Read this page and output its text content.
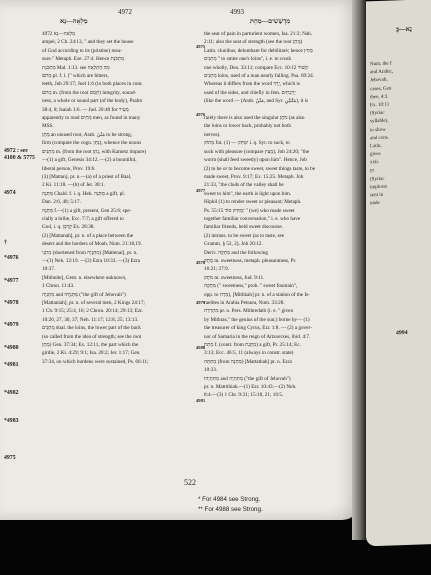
4972	4993
מַלְאָה—נֵא	מִדְשָׁשִׁים—מַחְתּ
4972 : see
4100 & 5775
4974
†
*4976
*4977
*4978
*4979
*4980
*4981
*4982
*4983
4975
4975
4976
4977
4978
4979
4980
4981

מַלְאָה—נֵא 4972

ampel, 2 Ch. 24:13, " and they set the house

of God according to its (pristine) mea-

sure." Metaph. Eze. 27:4. Hence מַתְכֹּנֶת

מַתְכֹּנֶת Mal. 1:13. see מַה הַתְלָאָה

מְתֹם pl. f. l. (" which are bitters,

teeth, Job 29:17; Joel 1:6 (in both places in cont.

מְתֹם m. (from the root תָּמַם) integrity, sound-

ness, a whole or sound part (of the body), Psalm

38:4, 8; Isaiah 1:6. — Jud. 20:48 for מֵעִיר

apparently to read מְתִים men, as found in many

MSS.

מֶתֶן an unused root, Arab. مَتُنَ to be strong,

firm (compare the cogn. נָתַן), whence the nouns

מָתְנַיִם m. (from the root נָתַן, with Kametz impure)

—(1) a gift, Genesis 34:12. —(2) a bountiful,

liberal person, Prov. 19:6.

(3) [Mattan], pr. n.—(a) of a priest of Baal,

2 Ki. 11:18. —(b) of Jer. 38:1.

מַתָּנָה Chald. f. i. q. Heb. מַתָּנָה a gift, pl.

Dan. 2:6, 48; 5:17.

מַתָּנָה f.—(1) a gift, present, Gen 25:6; spe-

cially a bribe, Ecc. 7:7; a gift offered to

God, i. q. קָרְבָּן Ex. 28:38.

(2) [Mattanah], pr. n. of a place between the

desert and the borders of Moab, Num. 21:18,19.

מַתְנַי (shortened from מַתַּנְיָה) [Mattenai], pr. n.

—(1) Neh. 12:19. —(2) Ezra 10:33. —(3) Ezra

10:37.

[Mithnite], Gent. n. elsewhere unknown,

1 Chron. 11:43.

מַתַּנְיָה and מַתַּנְיָהוּ ("the gift of Jehovah")

[Mattaniah], pr. n. of several men, 2 Kings 24:17;

1 Ch. 9:15; 25:4, 16; 2 Chron. 20:14; 29:13; Ezr.

10:26, 27, 30, 37; Neh. 11:17; 12:8, 25; 13:13.

מָתְנַיִם dual. the loins, the lower part of the back

(so called from the idea of strength; see the root

מֶתֶן) Gen. 37:34; Ex. 12:11, the part which the

girdle, 2 Ki. 4:29; 9:1; Isa. 20:2; Jer. 1:17; Gen.

37:34, on which burdens were sustained, Ps. 66:11;

the seat of pain in parturient women, Isa. 21:3; Nah.

2:11; also the seat of strength (see the root מֶתֶן)

Latin. clunibus, delumbare for debilitare; hence מָחַץ

מָתְנַיִם " to smite one's loins", i. e. to crush

one wholly, Deu. 33:11; compare Ecc. 10:12 קְשׁוֹר

מָתְנַיִם loins, used of a man nearly falling. Psa. 69:24.

Whereas it differs from the word יָרֵךְ, which is

used of the sides, and chiefly in fem. יַרְכָתַיִם

(like the word — (Arab. مَتْنٌ, and Syr. مَتْنَيْنِ), it is

rarely there is also used the singular מֹתֶן (as also

the loins or lower back, probably not both

nerves).

מָתוֹק fut. יִמְתַּק — (1) i. q. Syr. to suck, to

suck with pleasure (compare מָצַץ), Job 24:20; "the

worm (shall feed sweetly) upon him". Hence, Job

(2) to be or to become sweet, sweet things taste, to be

made sweet, Prov. 9:17; Ex. 15:25. Metaph. Job

21:33, "the clods of the valley shall be

sweet to him", the earth is light upon him.

Hiphil (1) to render sweet or pleasant; Metaph.

Ps. 55:15 יַמְתִּיק סוֹד " (we) who made sweet

together familiar conversation," i. e. who have

familiar friends, held sweet discourse.

(2) intrans. to be sweet (as to taste, see

Gramm. § 52, 2), Job 20:12.

Deriv. מְתָקָה and the following

מֶתֶק m. sweetness, metaph. pleasantness, Pr.

16:21; 27:9.

מֹתֶק m. sweetness, Jud. 9:11.

מִתְקָה (" sweetness," prob. " sweet fountain",

opp. to מָרָה), [Mithkah] pr. n. of a station of the Is-

raelites in Arabia Petraea, Num. 33:28.

מִתְרְדָת pr. n. Pers. Mithredath (i. e. " given

by Mithras," the genius of the sun;) borne by— (1)

the treasurer of king Cyrus, Ezr. 1:8. — (2) a gover-

nor of Samaria in the reign of Artaxerxes, ibid. 4:7.

מַתָּת f. (contr. from מַתָּנֶת) a gift, Pr. 25:14; Ec.

3:13; Ecc. 46:5, 11 (always in constr. state)

מַתַּתָּה (from מַתָּנָה) [Mattathah] pr. n. Ezra

10:33.

מַתִּתְיָהוּ and מַתִּתְיָה ("the gift of Jehovah")

pr. n. Mattithiah.—(1) Ezr. 10:43.—(2) Neh.

8:4.—(3) 1 Chr. 9:31; 15:18, 21; 16:5.

522
* For 4984 see Strong.
** For 4988 see Strong.
נָא—בְּ

Num, the f

and Arabic,

Jehovah,

cases, Gen

thee, 4:3.

Ex. 10:11

(Syriac

syllable),

to show

and cons.

Latin,

gives

xxii.

תּוּ

(Syriac

implorat

sent in

unde

4994
